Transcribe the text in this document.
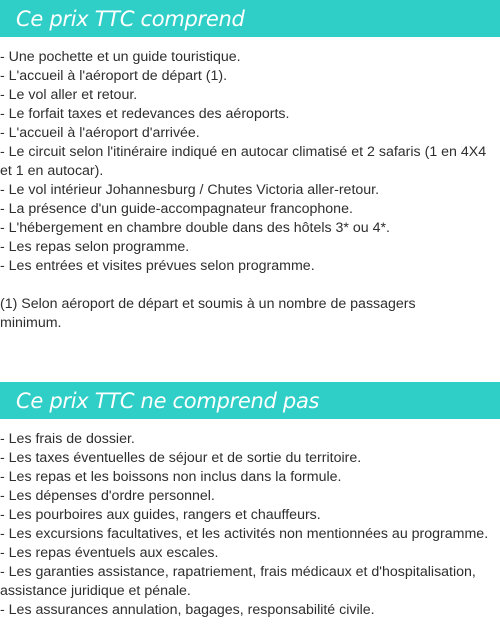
Ce prix TTC comprend
- Une pochette et un guide touristique.
- L'accueil à l'aéroport de départ (1).
- Le vol aller et retour.
- Le forfait taxes et redevances des aéroports.
- L'accueil à l'aéroport d'arrivée.
- Le circuit selon l'itinéraire indiqué en autocar climatisé et 2 safaris (1 en 4X4 et 1 en autocar).
- Le vol intérieur Johannesburg / Chutes Victoria aller-retour.
- La présence d'un guide-accompagnateur francophone.
- L'hébergement en chambre double dans des hôtels 3* ou 4*.
- Les repas selon programme.
- Les entrées et visites prévues selon programme.

(1) Selon aéroport de départ et soumis à un nombre de passagers minimum.

Ce prix TTC ne comprend pas
- Les frais de dossier.
- Les taxes éventuelles de séjour et de sortie du territoire.
- Les repas et les boissons non inclus dans la formule.
- Les dépenses d'ordre personnel.
- Les pourboires aux guides, rangers et chauffeurs.
- Les excursions facultatives, et les activités non mentionnées au programme.
- Les repas éventuels aux escales.
- Les garanties assistance, rapatriement, frais médicaux et d'hospitalisation, assistance juridique et pénale.
- Les assurances annulation, bagages, responsabilité civile.
